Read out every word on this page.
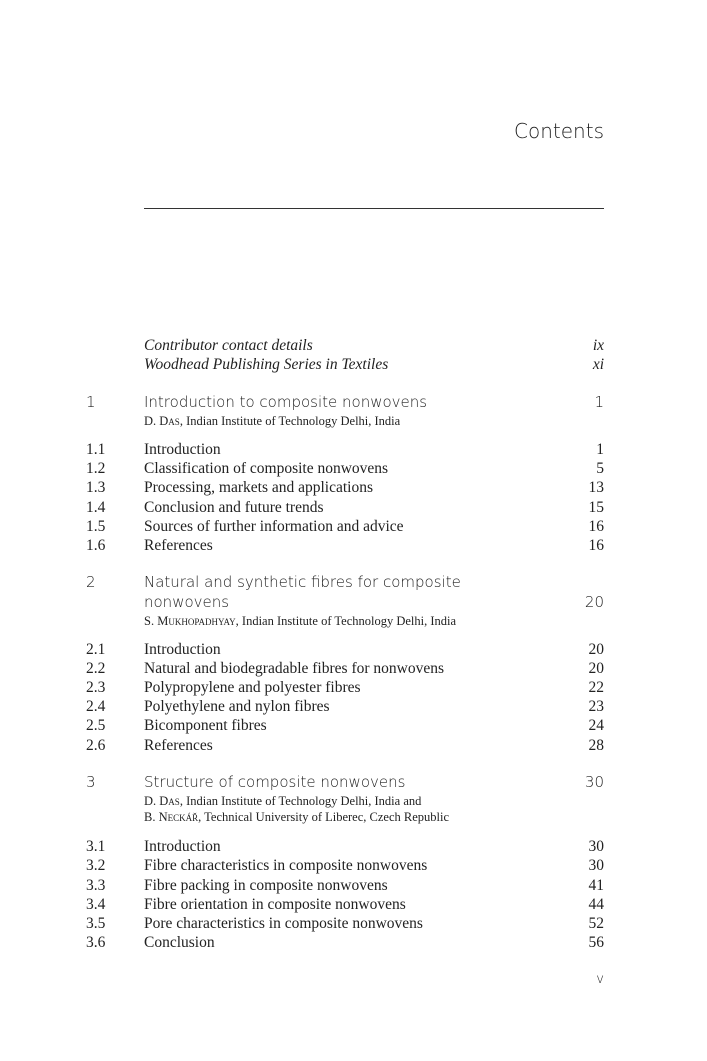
Contents
Contributor contact details	ix
Woodhead Publishing Series in Textiles	xi
1	Introduction to composite nonwovens	1
D. Das, Indian Institute of Technology Delhi, India
1.1 Introduction	1
1.2 Classification of composite nonwovens	5
1.3 Processing, markets and applications	13
1.4 Conclusion and future trends	15
1.5 Sources of further information and advice	16
1.6 References	16
2	Natural and synthetic fibres for composite
nonwovens	20
S. Mukhopadhyay, Indian Institute of Technology Delhi, India
2.1 Introduction	20
2.2 Natural and biodegradable fibres for nonwovens	20
2.3 Polypropylene and polyester fibres	22
2.4 Polyethylene and nylon fibres	23
2.5 Bicomponent fibres	24
2.6 References	28
3	Structure of composite nonwovens	30
D. Das, Indian Institute of Technology Delhi, India and
B. Neckář, Technical University of Liberec, Czech Republic
3.1 Introduction	30
3.2 Fibre characteristics in composite nonwovens	30
3.3 Fibre packing in composite nonwovens	41
3.4 Fibre orientation in composite nonwovens	44
3.5 Pore characteristics in composite nonwovens	52
3.6 Conclusion	56
v
